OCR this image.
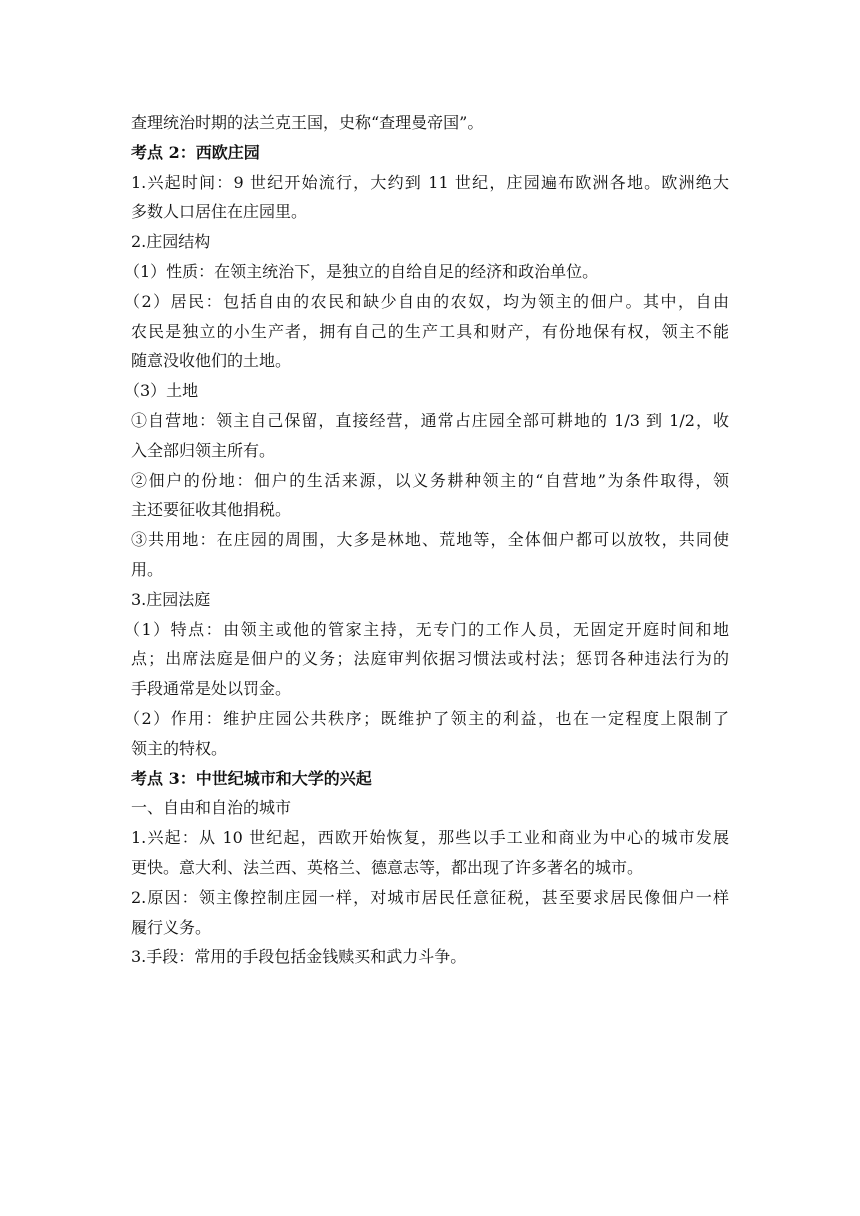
查理统治时期的法兰克王国，史称“查理曼帝国”。
考点 2：西欧庄园
1.兴起时间：9 世纪开始流行，大约到 11 世纪，庄园遍布欧洲各地。欧洲绝大
多数人口居住在庄园里。
2.庄园结构
（1）性质：在领主统治下，是独立的自给自足的经济和政治单位。
（2）居民：包括自由的农民和缺少自由的农奴，均为领主的佃户。其中，自由
农民是独立的小生产者，拥有自己的生产工具和财产，有份地保有权，领主不能
随意没收他们的土地。
（3）土地
①自营地：领主自己保留，直接经营，通常占庄园全部可耕地的 1/3 到 1/2，收
入全部归领主所有。
②佃户的份地：佃户的生活来源，以义务耕种领主的“自营地”为条件取得，领
主还要征收其他捐税。
③共用地：在庄园的周围，大多是林地、荒地等，全体佃户都可以放牧，共同使
用。
3.庄园法庭
（1）特点：由领主或他的管家主持，无专门的工作人员，无固定开庭时间和地
点；出席法庭是佃户的义务；法庭审判依据习惯法或村法；惩罚各种违法行为的
手段通常是处以罚金。
（2）作用：维护庄园公共秩序；既维护了领主的利益，也在一定程度上限制了
领主的特权。
考点 3：中世纪城市和大学的兴起
一、自由和自治的城市
1.兴起：从 10 世纪起，西欧开始恢复，那些以手工业和商业为中心的城市发展
更快。意大利、法兰西、英格兰、德意志等，都出现了许多著名的城市。
2.原因：领主像控制庄园一样，对城市居民任意征税，甚至要求居民像佃户一样
履行义务。
3.手段：常用的手段包括金钱赎买和武力斗争。
